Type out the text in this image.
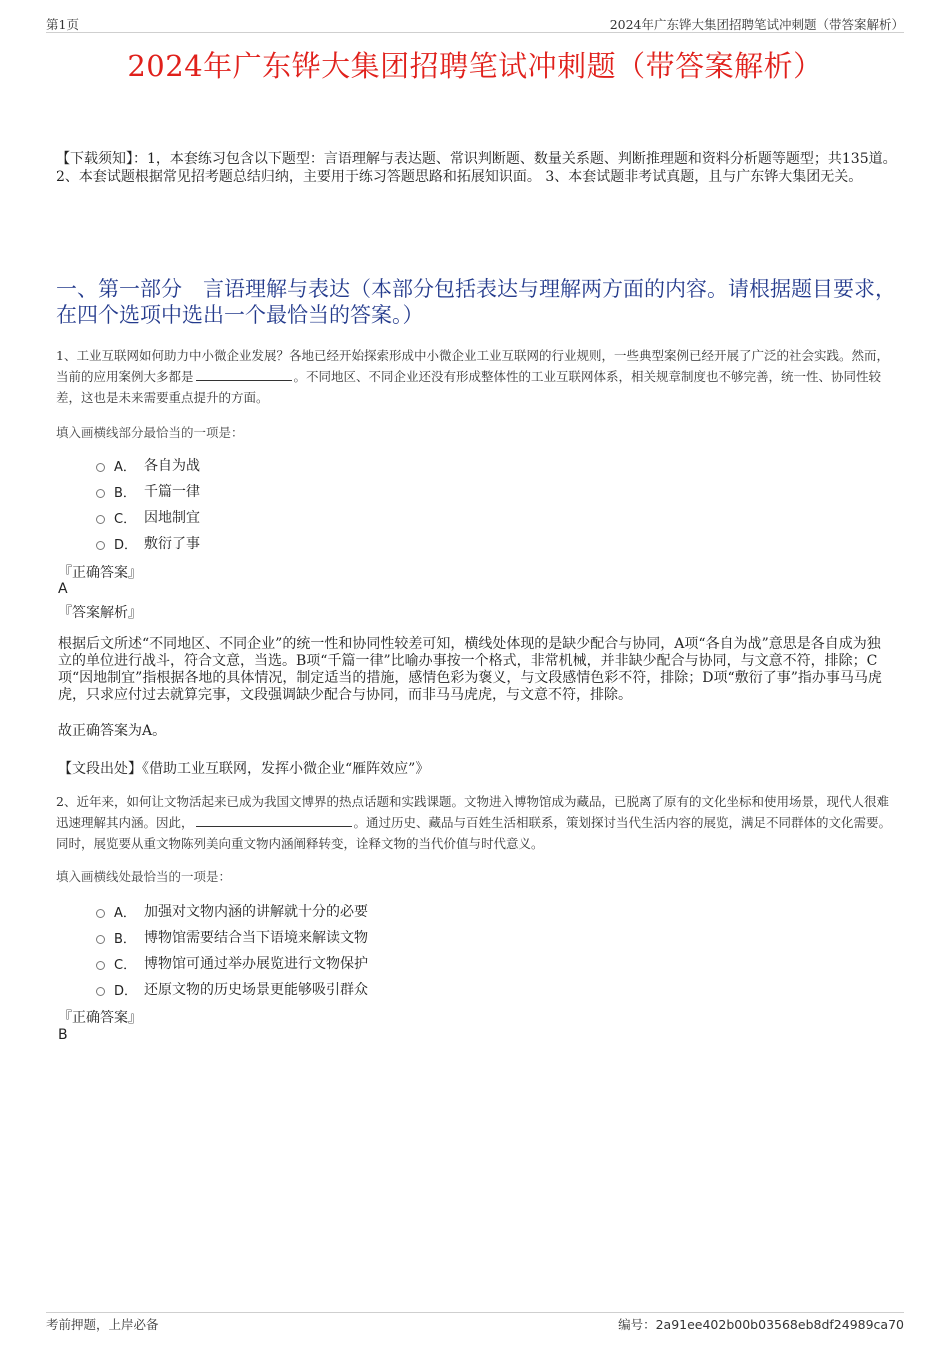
第1页	2024年广东铧大集团招聘笔试冲刺题（带答案解析）
2024年广东铧大集团招聘笔试冲刺题（带答案解析）
【下载须知】：1，本套练习包含以下题型：言语理解与表达题、常识判断题、数量关系题、判断推理题和资料分析题等题型；共135道。 2、本套试题根据常见招考题总结归纳，主要用于练习答题思路和拓展知识面。 3、本套试题非考试真题，且与广东铧大集团无关。
一、第一部分　言语理解与表达（本部分包括表达与理解两方面的内容。请根据题目要求，在四个选项中选出一个最恰当的答案。）
1、工业互联网如何助力中小微企业发展？各地已经开始探索形成中小微企业工业互联网的行业规则，一些典型案例已经开展了广泛的社会实践。然而，当前的应用案例大多都是	。不同地区、不同企业还没有形成整体性的工业互联网体系，相关规章制度也不够完善，统一性、协同性较差，这也是未来需要重点提升的方面。
填入画横线部分最恰当的一项是：
A． 各自为战
B． 千篇一律
C． 因地制宜
D． 敷衍了事
『正确答案』
A
『答案解析』
根据后文所述“不同地区、不同企业”的统一性和协同性较差可知，横线处体现的是缺少配合与协同，A项“各自为战”意思是各自成为独立的单位进行战斗，符合文意，当选。B项“千篇一律”比喻办事按一个格式，非常机械，并非缺少配合与协同，与文意不符，排除；C项“因地制宜”指根据各地的具体情况，制定适当的措施，感情色彩为褒义，与文段感情色彩不符，排除；D项“敷衍了事”指办事马马虎虎，只求应付过去就算完事，文段强调缺少配合与协同，而非马马虎虎，与文意不符，排除。
故正确答案为A。
【文段出处】《借助工业互联网，发挥小微企业“雁阵效应”》
2、近年来，如何让文物活起来已成为我国文博界的热点话题和实践课题。文物进入博物馆成为藏品，已脱离了原有的文化坐标和使用场景，现代人很难迅速理解其内涵。因此，	。通过历史、藏品与百姓生活相联系，策划探讨当代生活内容的展览，满足不同群体的文化需要。同时，展览要从重文物陈列美向重文物内涵阐释转变，诠释文物的当代价值与时代意义。
填入画横线处最恰当的一项是：
A． 加强对文物内涵的讲解就十分的必要
B． 博物馆需要结合当下语境来解读文物
C． 博物馆可通过举办展览进行文物保护
D． 还原文物的历史场景更能够吸引群众
『正确答案』
B
考前押题，上岸必备	编号：2a91ee402b00b03568eb8df24989ca70
